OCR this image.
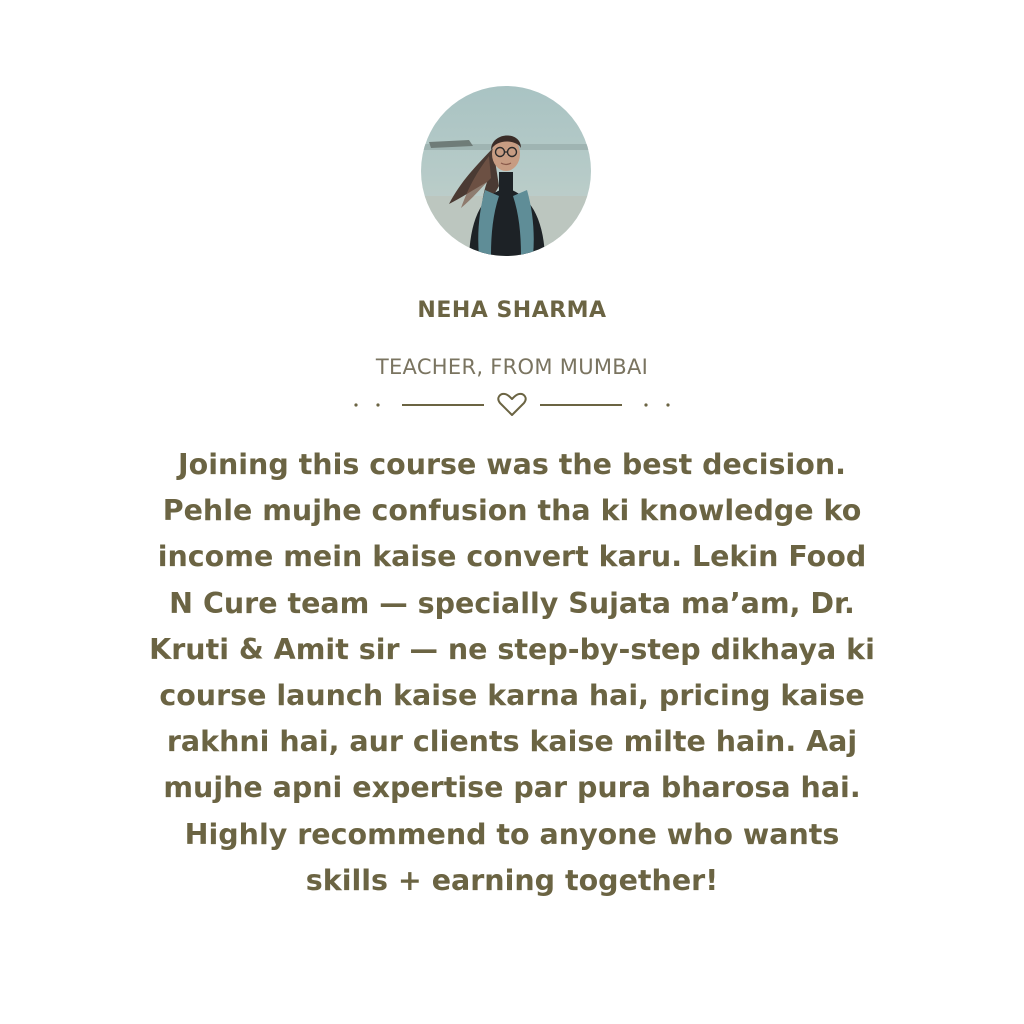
NEHA SHARMA
TEACHER, FROM MUMBAI
Joining this course was the best decision.
Pehle mujhe confusion tha ki knowledge ko
income mein kaise convert karu. Lekin Food
N Cure team — specially Sujata ma’am, Dr.
Kruti & Amit sir — ne step-by-step dikhaya ki
course launch kaise karna hai, pricing kaise
rakhni hai, aur clients kaise milte hain. Aaj
mujhe apni expertise par pura bharosa hai.
Highly recommend to anyone who wants
skills + earning together!
